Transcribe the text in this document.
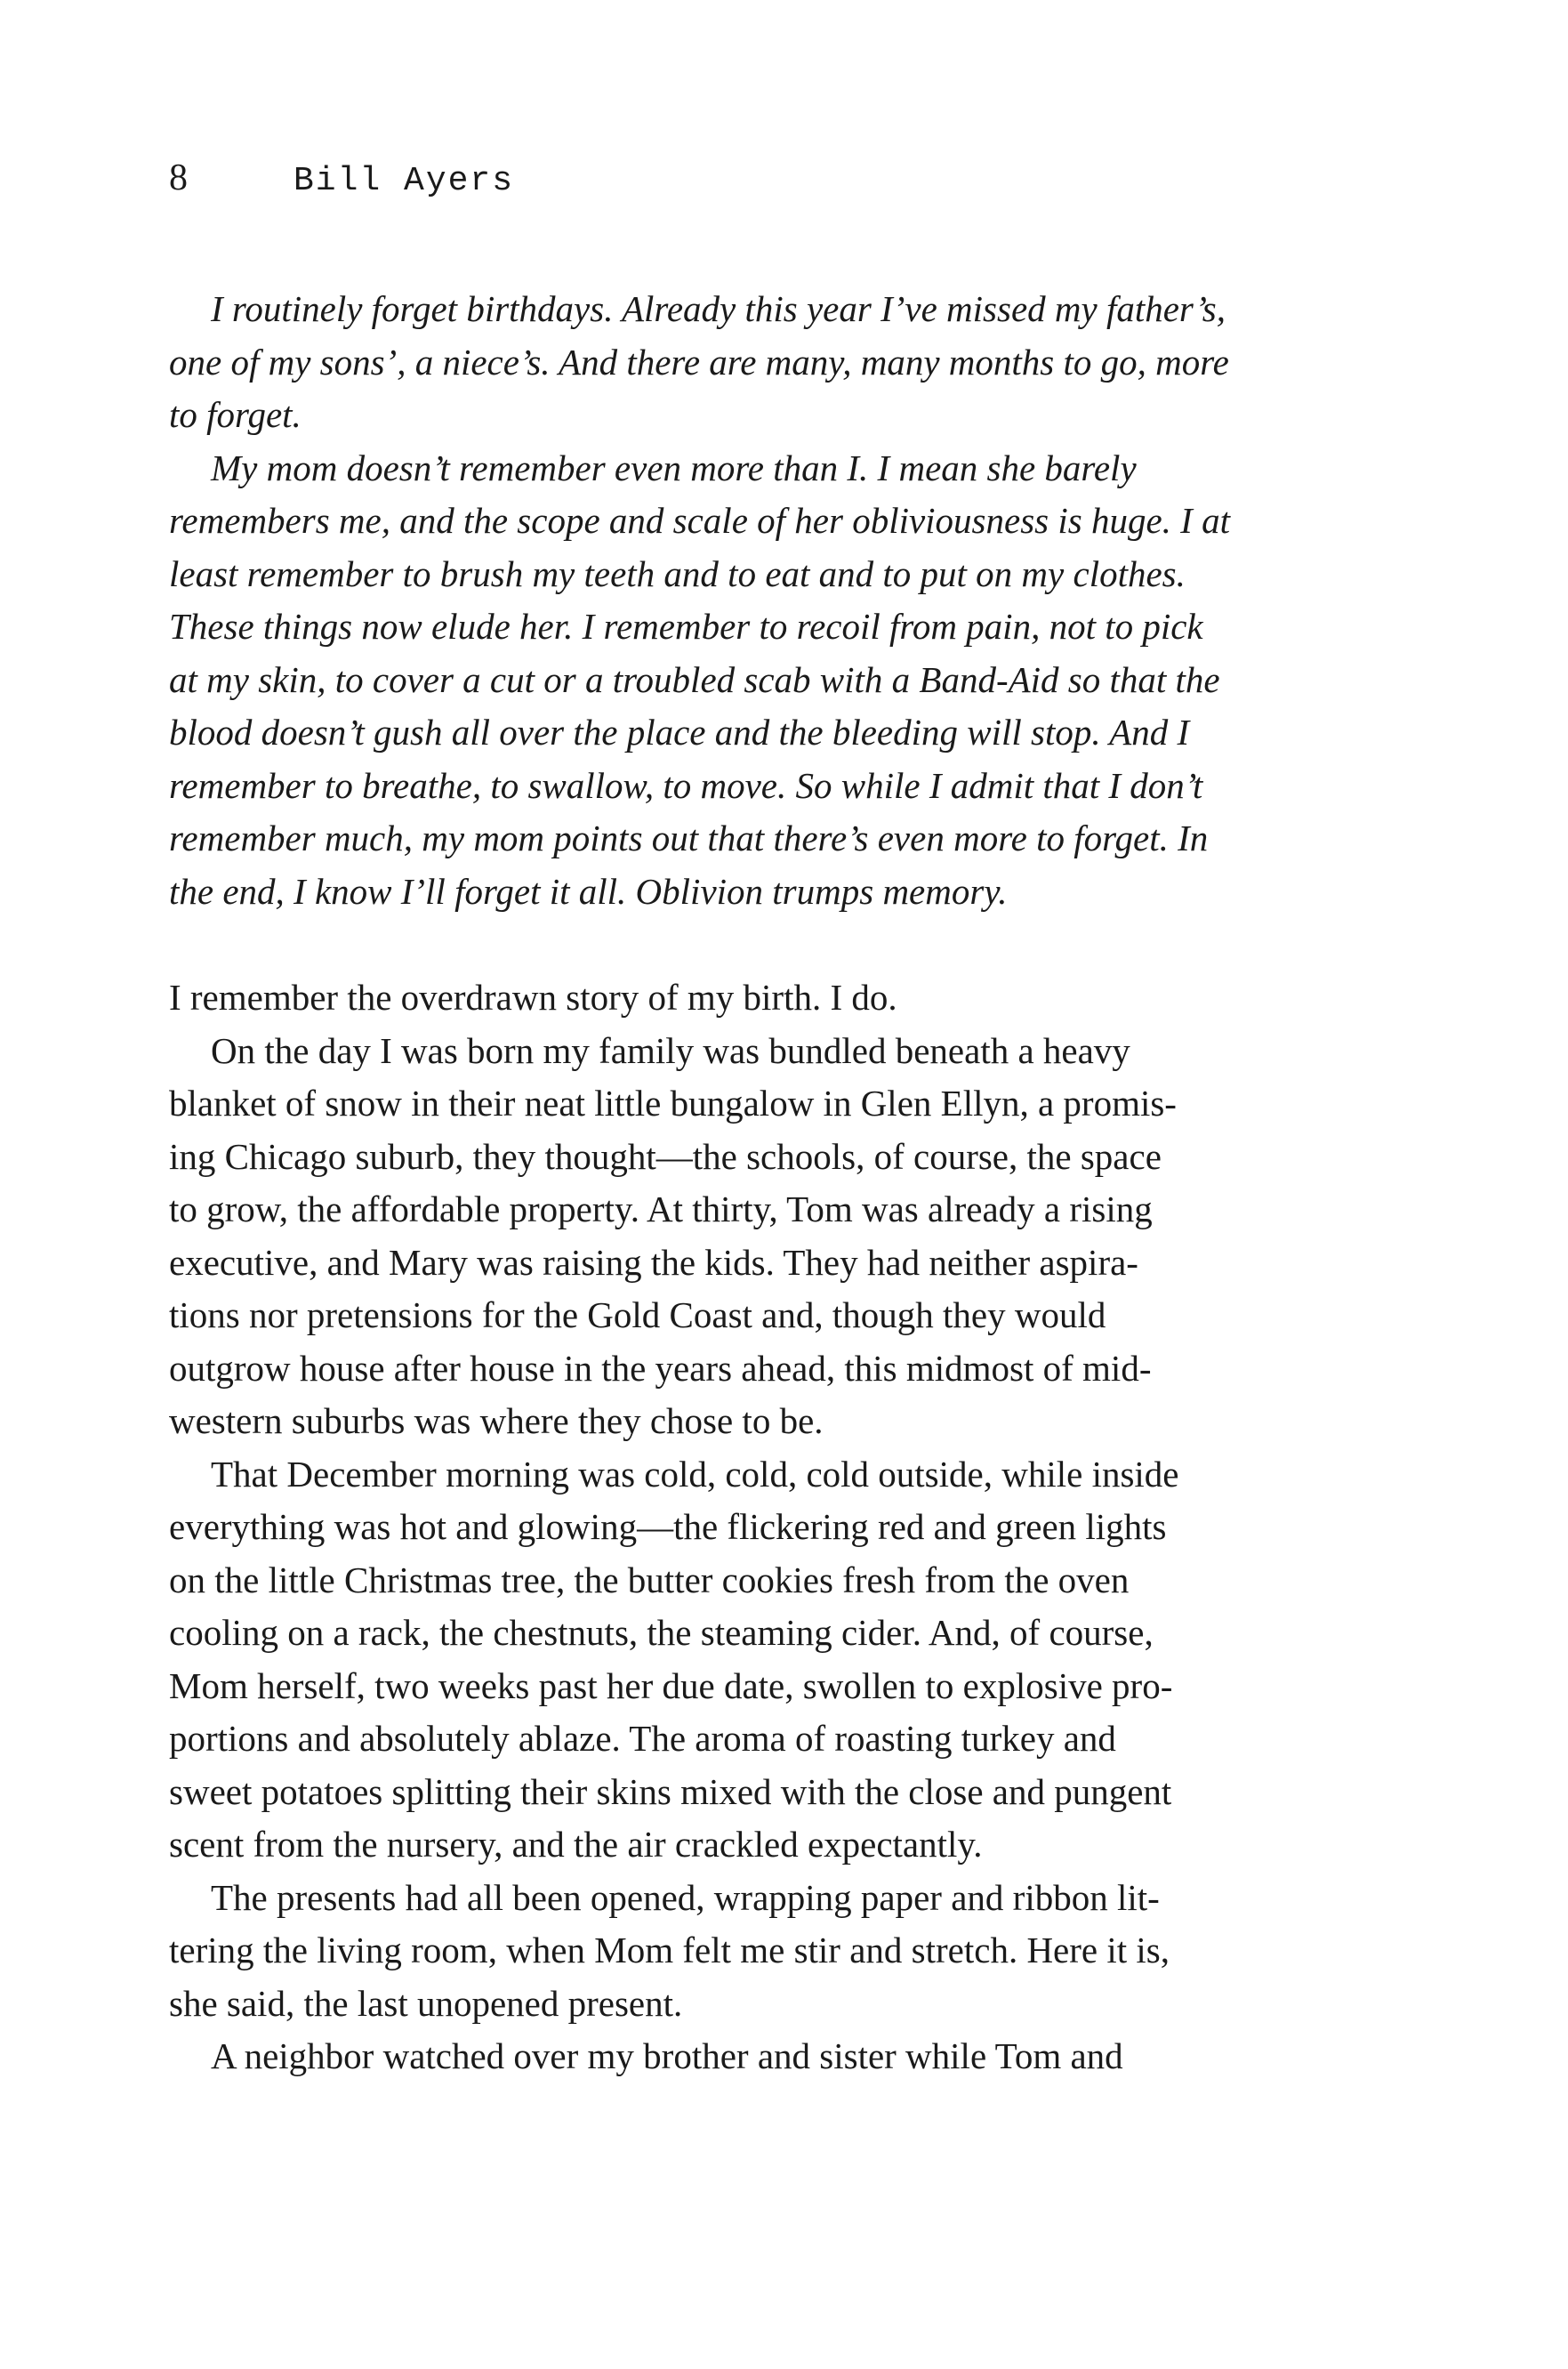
8	Bill Ayers
I routinely forget birthdays. Already this year I’ve missed my father’s,
one of my sons’, a niece’s. And there are many, many months to go, more
to forget.
My mom doesn’t remember even more than I. I mean she barely
remembers me, and the scope and scale of her obliviousness is huge. I at
least remember to brush my teeth and to eat and to put on my clothes.
These things now elude her. I remember to recoil from pain, not to pick
at my skin, to cover a cut or a troubled scab with a Band-Aid so that the
blood doesn’t gush all over the place and the bleeding will stop. And I
remember to breathe, to swallow, to move. So while I admit that I don’t
remember much, my mom points out that there’s even more to forget. In
the end, I know I’ll forget it all. Oblivion trumps memory.
I remember the overdrawn story of my birth. I do.
On the day I was born my family was bundled beneath a heavy
blanket of snow in their neat little bungalow in Glen Ellyn, a promis-
ing Chicago suburb, they thought—the schools, of course, the space
to grow, the affordable property. At thirty, Tom was already a rising
executive, and Mary was raising the kids. They had neither aspira-
tions nor pretensions for the Gold Coast and, though they would
outgrow house after house in the years ahead, this midmost of mid-
western suburbs was where they chose to be.
That December morning was cold, cold, cold outside, while inside
everything was hot and glowing—the flickering red and green lights
on the little Christmas tree, the butter cookies fresh from the oven
cooling on a rack, the chestnuts, the steaming cider. And, of course,
Mom herself, two weeks past her due date, swollen to explosive pro-
portions and absolutely ablaze. The aroma of roasting turkey and
sweet potatoes splitting their skins mixed with the close and pungent
scent from the nursery, and the air crackled expectantly.
The presents had all been opened, wrapping paper and ribbon lit-
tering the living room, when Mom felt me stir and stretch. Here it is,
she said, the last unopened present.
A neighbor watched over my brother and sister while Tom and
